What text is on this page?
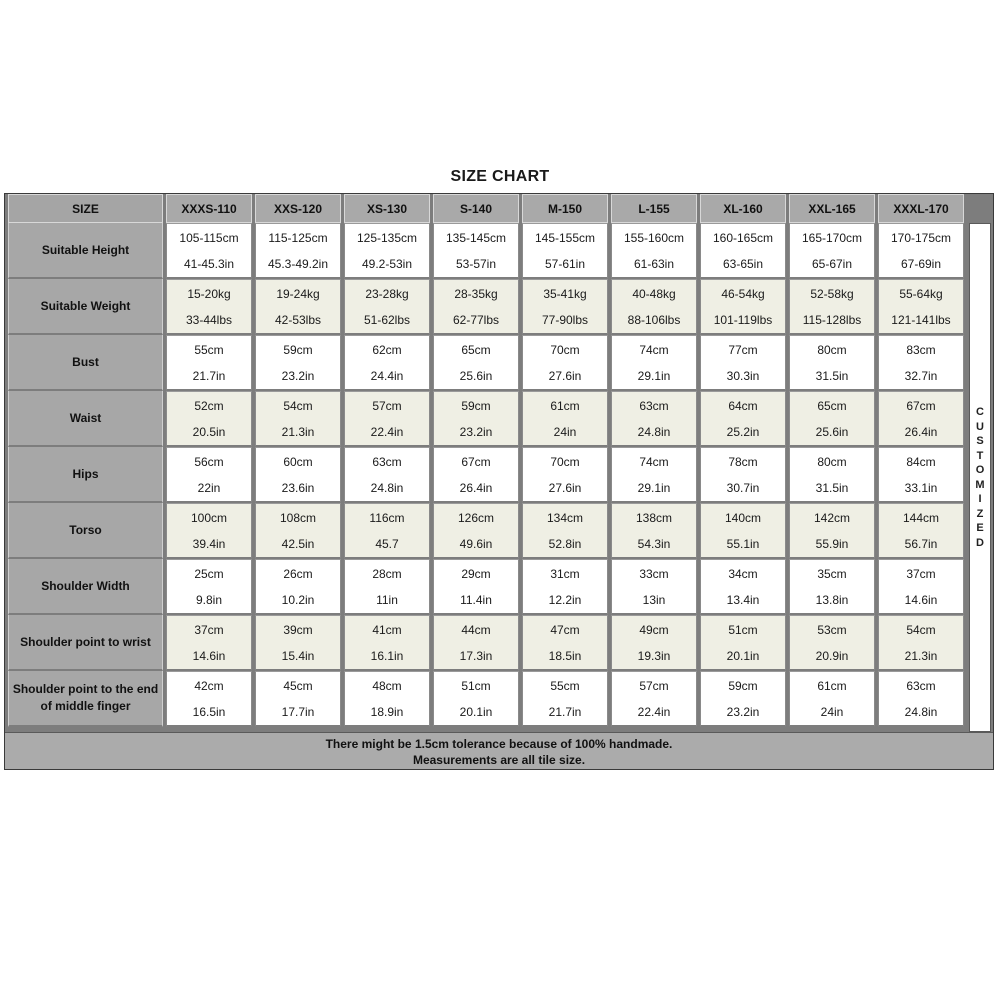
SIZE CHART
SIZE	XXXS-110	XXS-120	XS-130	S-140	M-150	L-155	XL-160	XXL-165	XXXL-170
Suitable Height	105-115cm	115-125cm	125-135cm	135-145cm	145-155cm	155-160cm	160-165cm	165-170cm	170-175cm
	41-45.3in	45.3-49.2in	49.2-53in	53-57in	57-61in	61-63in	63-65in	65-67in	67-69in
Suitable Weight	15-20kg	19-24kg	23-28kg	28-35kg	35-41kg	40-48kg	46-54kg	52-58kg	55-64kg
	33-44lbs	42-53lbs	51-62lbs	62-77lbs	77-90lbs	88-106lbs	101-119lbs	115-128lbs	121-141lbs
Bust	55cm	59cm	62cm	65cm	70cm	74cm	77cm	80cm	83cm
	21.7in	23.2in	24.4in	25.6in	27.6in	29.1in	30.3in	31.5in	32.7in
Waist	52cm	54cm	57cm	59cm	61cm	63cm	64cm	65cm	67cm
	20.5in	21.3in	22.4in	23.2in	24in	24.8in	25.2in	25.6in	26.4in
Hips	56cm	60cm	63cm	67cm	70cm	74cm	78cm	80cm	84cm
	22in	23.6in	24.8in	26.4in	27.6in	29.1in	30.7in	31.5in	33.1in
Torso	100cm	108cm	116cm	126cm	134cm	138cm	140cm	142cm	144cm
	39.4in	42.5in	45.7	49.6in	52.8in	54.3in	55.1in	55.9in	56.7in
Shoulder Width	25cm	26cm	28cm	29cm	31cm	33cm	34cm	35cm	37cm
	9.8in	10.2in	11in	11.4in	12.2in	13in	13.4in	13.8in	14.6in
Shoulder point to wrist	37cm	39cm	41cm	44cm	47cm	49cm	51cm	53cm	54cm
	14.6in	15.4in	16.1in	17.3in	18.5in	19.3in	20.1in	20.9in	21.3in
Shoulder point to the end of middle finger	42cm	45cm	48cm	51cm	55cm	57cm	59cm	61cm	63cm
	16.5in	17.7in	18.9in	20.1in	21.7in	22.4in	23.2in	24in	24.8in
CUSTOMIZED
There might be 1.5cm tolerance because of 100% handmade.
Measurements are all tile size.
